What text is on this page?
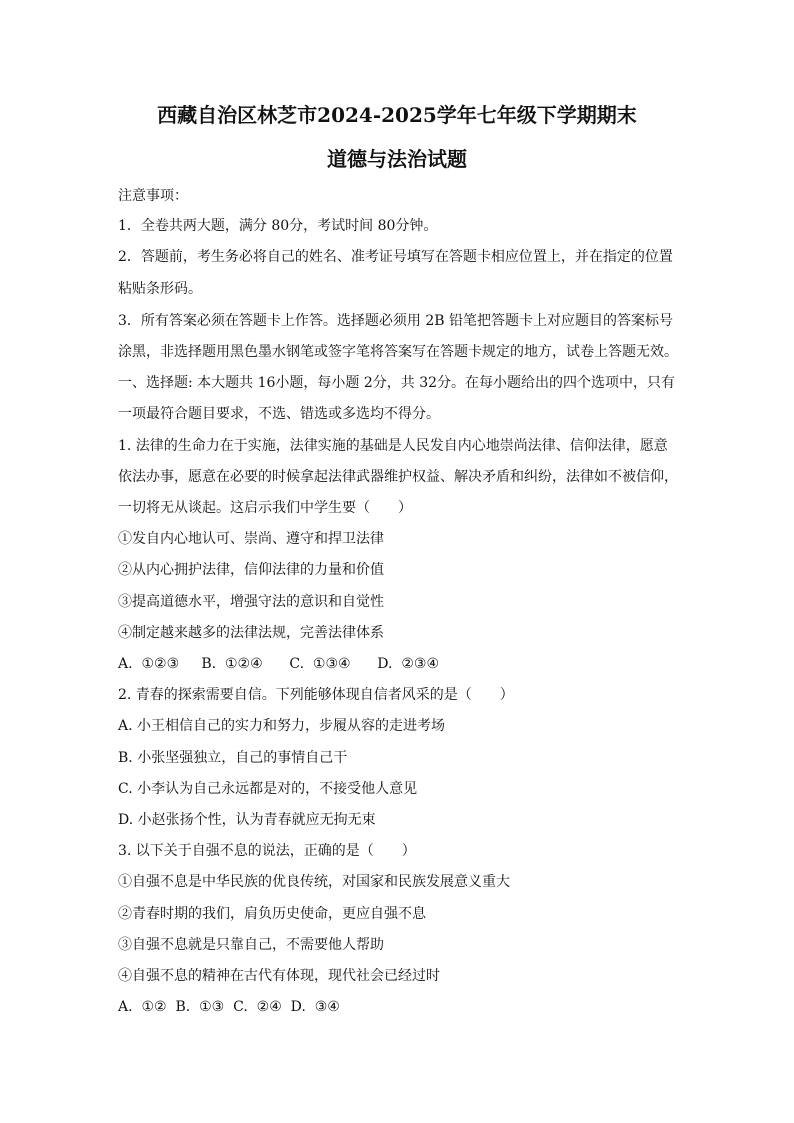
西藏自治区林芝市2024-2025学年七年级下学期期末
道德与法治试题
注意事项：
1．全卷共两大题，满分 80分，考试时间 80分钟。
2．答题前，考生务必将自己的姓名、准考证号填写在答题卡相应位置上，并在指定的位置
粘贴条形码。
3．所有答案必须在答题卡上作答。选择题必须用 2B 铅笔把答题卡上对应题目的答案标号
涂黑，非选择题用黑色墨水钢笔或签字笔将答案写在答题卡规定的地方，试卷上答题无效。
一、选择题: 本大题共 16小题，每小题 2分，共 32分。在每小题给出的四个选项中，只有
一项最符合题目要求，不选、错选或多选均不得分。
1. 法律的生命力在于实施，法律实施的基础是人民发自内心地崇尚法律、信仰法律，愿意
依法办事，愿意在必要的时候拿起法律武器维护权益、解决矛盾和纠纷，法律如不被信仰，
一切将无从谈起。这启示我们中学生要（　　）
①发自内心地认可、崇尚、遵守和捍卫法律
②从内心拥护法律，信仰法律的力量和价值
③提高道德水平，增强守法的意识和自觉性
④制定越来越多的法律法规，完善法律体系
A.  ①②③     B.  ①②④      C.  ①③④      D.  ②③④
2. 青春的探索需要自信。下列能够体现自信者风采的是（　　）
A. 小王相信自己的实力和努力，步履从容的走进考场
B. 小张坚强独立，自己的事情自己干
C. 小李认为自己永远都是对的，不接受他人意见
D. 小赵张扬个性，认为青春就应无拘无束
3. 以下关于自强不息的说法，正确的是（　　）
①自强不息是中华民族的优良传统，对国家和民族发展意义重大
②青春时期的我们，肩负历史使命，更应自强不息
③自强不息就是只靠自己，不需要他人帮助
④自强不息的精神在古代有体现，现代社会已经过时
A.  ①②  B.  ①③  C.  ②④  D.  ③④
